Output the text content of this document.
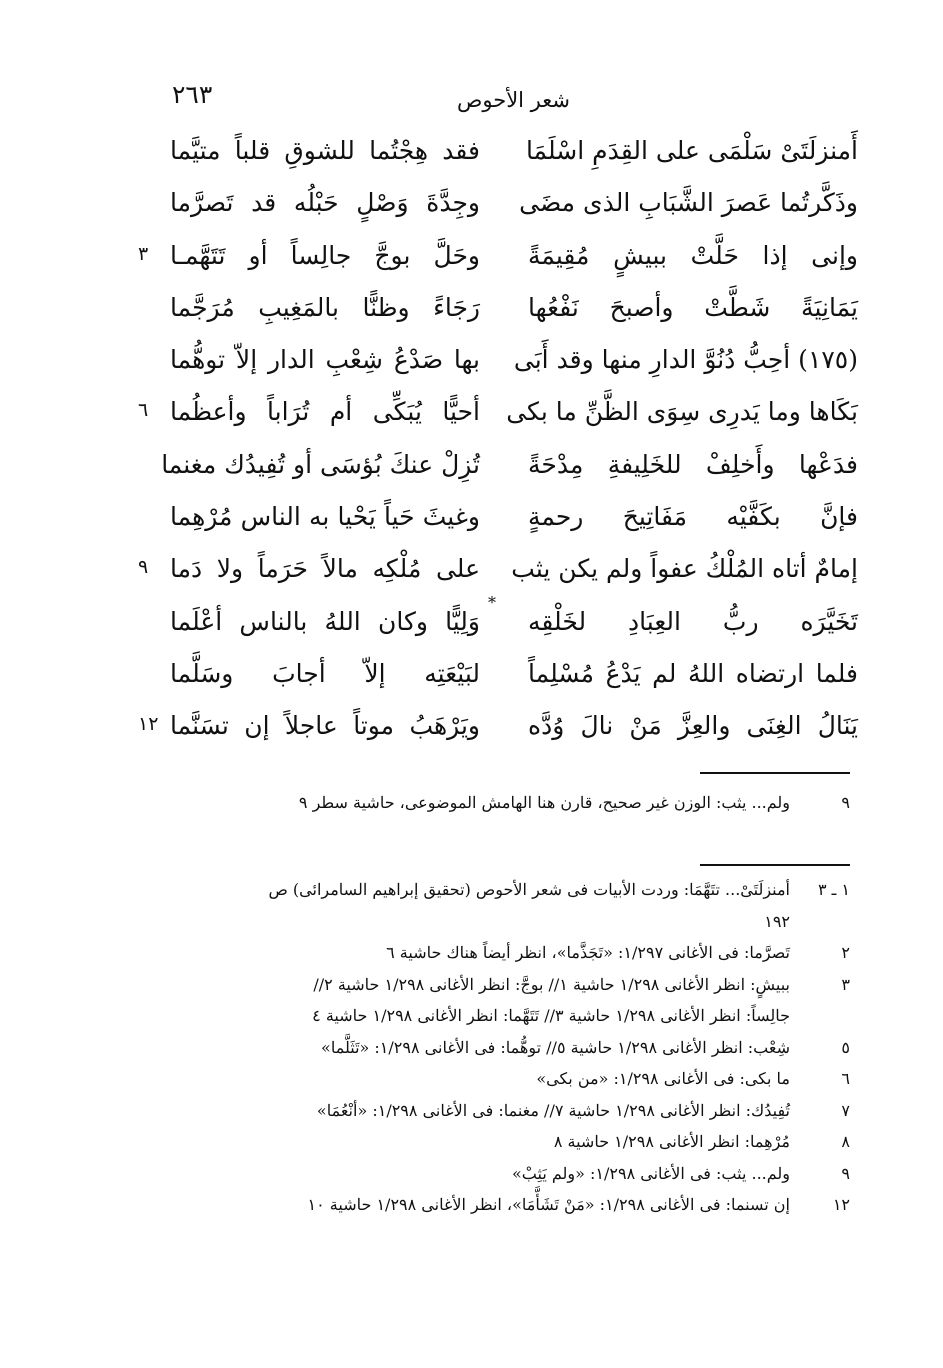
٢٦٣	شعر الأحوص
أَمنزلَتَىْ سَلْمَى على القِدَمِ اسْلَمَا
فقد هِجْتُما للشوقِ قلباً متيَّما
وذَكَّرتُما عَصرَ الشَّبَابِ الذى مضَى
وجِدَّةَ وَصْلٍ حَبْلُه قد تَصرَّما
وإنى إذا حَلَّتْ ببيشٍ مُقِيمَةً
وحَلَّ بوجَّ جالِساً أو تَتَهَّمـا
٣
يَمَانِيَةً شَطَّتْ وأصبحَ نَفْعُها
رَجَاءً وظنًّا بالمَغِيبِ مُرَجَّما
(١٧٥) أحِبُّ دُنُوَّ الدارِ منها وقد أَبَى
بها صَدْعُ شِعْبِ الدار إلاّ توهُّما
بَكَاها وما يَدرِى سِوَى الظَّنِّ ما بكى
أحيًّا يُبَكِّى أم تُرَاباً وأعظُما
٦
فدَعْها وأَخلِفْ للخَلِيفةِ مِدْحَةً
تُزِلْ عنكَ بُؤسَى أو تُفِيدُك مغنما
فإنَّ بكَفَّيْه مَفَاتِيحَ رحمةٍ
وغيثَ حَياً يَحْيا به الناس مُرْهِما
إمامٌ أتاه المُلْكُ عفواً ولم يكن يثب
على مُلْكِه مالاً حَرَماً ولا دَما
٩
تَخَيَّرَه ربُّ العِبَادِ لخَلْقِه
وَلِيًّا وكان اللهُ بالناس أعْلَما
*
فلما ارتضاه اللهُ لم يَدْعُ مُسْلِماً
لبَيْعَتِه إلاّ أجابَ وسَلَّما
يَنَالُ الغِنَى والعِزَّ مَنْ نالَ وُدَّه
ويَرْهَبُ موتاً عاجلاً إن تسَنَّما
١٢
٩
ولم... يثب: الوزن غير صحيح، قارن هنا الهامش الموضوعى، حاشية سطر ٩
١ ـ ٣
أمنزلَتَىْ... تتَهَّمَا: وردت الأبيات فى شعر الأحوص (تحقيق إبراهيم السامرائى) ص
١٩٢
٢
تَصرَّما: فى الأغانى ١/٢٩٧: «تَجَذَّما»، انظر أيضاً هناك حاشية ٦
٣
ببيشٍ: انظر الأغانى ١/٢٩٨ حاشية ١// بوجَّ: انظر الأغانى ١/٢٩٨ حاشية ٢//
جالِساً: انظر الأغانى ١/٢٩٨ حاشية ٣// تَتَهَّما: انظر الأغانى ١/٢٩٨ حاشية ٤
٥
شِعْب: انظر الأغانى ١/٢٩٨ حاشية ٥// توهُّما: فى الأغانى ١/٢٩٨: «تَثَلَّما»
٦
ما بكى: فى الأغانى ١/٢٩٨: «من بكى»
٧
تُفِيدُك: انظر الأغانى ١/٢٩٨ حاشية ٧// مغنما: فى الأغانى ١/٢٩٨: «أنْعُمَا»
٨
مُرْهِما: انظر الأغانى ١/٢٩٨ حاشية ٨
٩
ولم... يثب: فى الأغانى ١/٢٩٨: «ولم يَثِبْ»
١٢
إن تسنما: فى الأغانى ١/٢٩٨: «مَنْ تَشَأَّمَا»، انظر الأغانى ١/٢٩٨ حاشية ١٠
